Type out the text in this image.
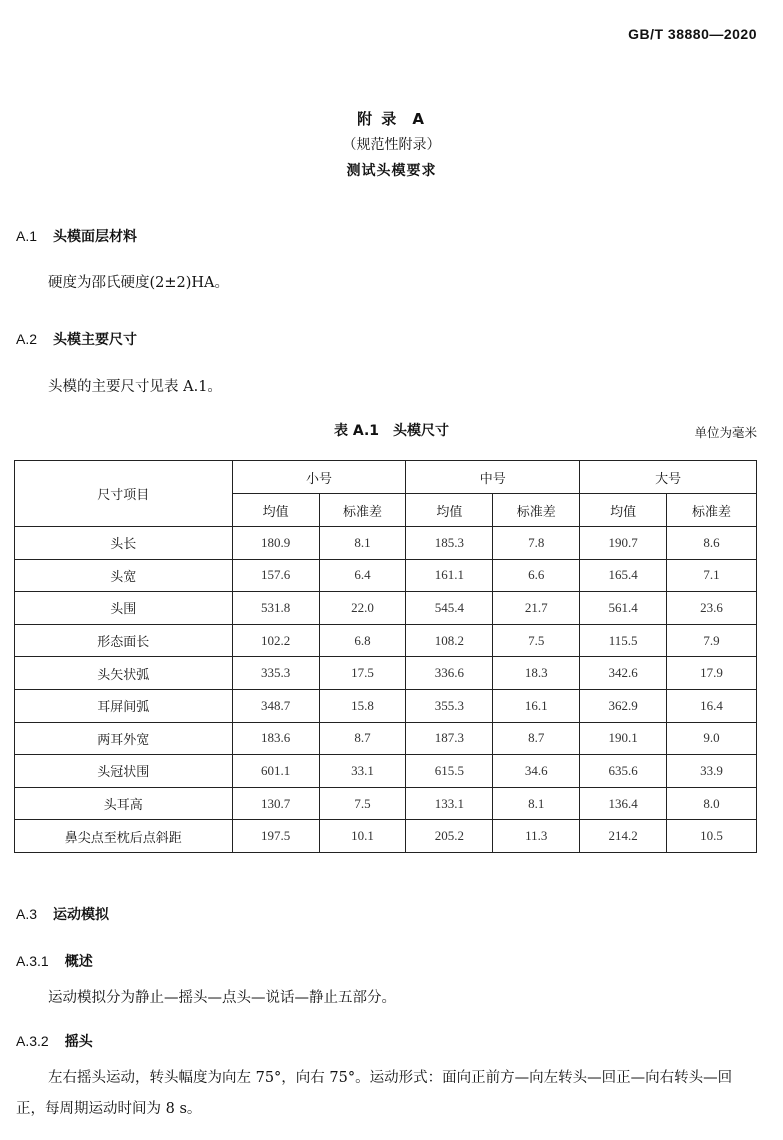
GB/T 38880—2020
附 录 A
（规范性附录）
测试头模要求
A.1 头模面层材料
硬度为邵氏硬度(2±2)HA。
A.2 头模主要尺寸
头模的主要尺寸见表 A.1。
表 A.1 头模尺寸	单位为毫米
尺寸项目	小号		中号		大号	
	均值	标准差	均值	标准差	均值	标准差
头长	180.9	8.1	185.3	7.8	190.7	8.6
头宽	157.6	6.4	161.1	6.6	165.4	7.1
头围	531.8	22.0	545.4	21.7	561.4	23.6
形态面长	102.2	6.8	108.2	7.5	115.5	7.9
头矢状弧	335.3	17.5	336.6	18.3	342.6	17.9
耳屏间弧	348.7	15.8	355.3	16.1	362.9	16.4
两耳外宽	183.6	8.7	187.3	8.7	190.1	9.0
头冠状围	601.1	33.1	615.5	34.6	635.6	33.9
头耳高	130.7	7.5	133.1	8.1	136.4	8.0
鼻尖点至枕后点斜距	197.5	10.1	205.2	11.3	214.2	10.5
A.3 运动模拟
A.3.1 概述
运动模拟分为静止—摇头—点头—说话—静止五部分。
A.3.2 摇头
左右摇头运动，转头幅度为向左 75°，向右 75°。运动形式：面向正前方—向左转头—回正—向右转头—回正，每周期运动时间为 8 s。
